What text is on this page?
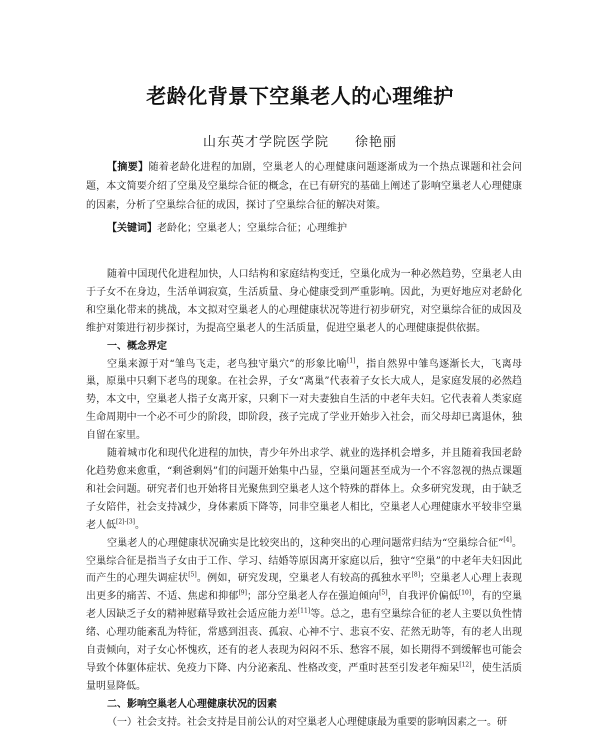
老龄化背景下空巢老人的心理维护
山东英才学院医学院 徐艳丽
【摘要】随着老龄化进程的加剧，空巢老人的心理健康问题逐渐成为一个热点课题和社会问题，本文简要介绍了空巢及空巢综合征的概念，在已有研究的基础上阐述了影响空巢老人心理健康的因素，分析了空巢综合征的成因，探讨了空巢综合征的解决对策。
【关键词】老龄化；空巢老人；空巢综合征；心理维护

随着中国现代化进程加快，人口结构和家庭结构变迁，空巢化成为一种必然趋势，空巢老人由于子女不在身边，生活单调寂寞，生活质量、身心健康受到严重影响。因此，为更好地应对老龄化和空巢化带来的挑战，本文拟对空巢老人的心理健康状况等进行初步研究，对空巢综合征的成因及维护对策进行初步探讨，为提高空巢老人的生活质量，促进空巢老人的心理健康提供依据。

一、概念界定

空巢来源于对“雏鸟飞走，老鸟独守巢穴”的形象比喻[1]，指自然界中雏鸟逐渐长大，飞离母巢，原巢中只剩下老鸟的现象。在社会界，子女“离巢”代表着子女长大成人，是家庭发展的必然趋势，本文中，空巢老人指子女离开家，只剩下一对夫妻独自生活的中老年夫妇。它代表着人类家庭生命周期中一个必不可少的阶段，即阶段，孩子完成了学业开始步入社会，而父母却已离退休，独自留在家里。

随着城市化和现代化进程的加快，青少年外出求学、就业的选择机会增多，并且随着我国老龄化趋势愈来愈重，“剩爸剩妈”们的问题开始集中凸显，空巢问题甚至成为一个不容忽视的热点课题和社会问题。研究者们也开始将目光聚焦到空巢老人这个特殊的群体上。众多研究发现，由于缺乏子女陪伴，社会支持减少，身体素质下降等，同非空巢老人相比，空巢老人心理健康水平较非空巢老人低[2]-[3]。

空巢老人的心理健康状况确实是比较突出的，这种突出的心理问题常归结为“空巢综合征”[4]。空巢综合征是指当子女由于工作、学习、结婚等原因离开家庭以后，独守“空巢”的中老年夫妇因此而产生的心理失调症状[5]。例如，研究发现，空巢老人有较高的孤独水平[8]；空巢老人心理上表现出更多的痛苦、不适、焦虑和抑郁[9]；部分空巢老人存在强迫倾向[5]，自我评价偏低[10]，有的空巢老人因缺乏子女的精神慰藉导致社会适应能力差[11]等。总之，患有空巢综合征的老人主要以负性情绪、心理功能紊乱为特征，常感到沮丧、孤寂、心神不宁、悲哀不安、茫然无助等，有的老人出现自责倾向，对子女心怀愧疚，还有的老人表现为闷闷不乐、愁容不展，如长期得不到缓解也可能会导致个体躯体症状、免疫力下降、内分泌紊乱、性格改变，严重时甚至引发老年痴呆[12]，使生活质量明显降低。

二、影响空巢老人心理健康状况的因素

（一）社会支持。社会支持是目前公认的对空巢老人心理健康最为重要的影响因素之一。研
